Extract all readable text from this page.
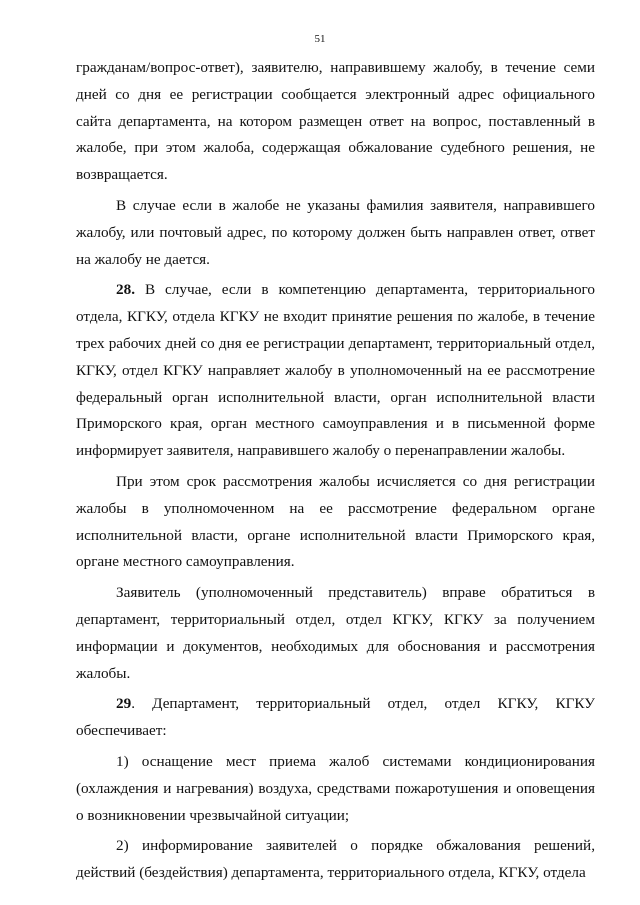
51

гражданам/вопрос-ответ), заявителю, направившему жалобу, в течение семи дней со дня ее регистрации сообщается электронный адрес официального сайта департамента, на котором размещен ответ на вопрос, поставленный в жалобе, при этом жалоба, содержащая обжалование судебного решения, не возвращается.

В случае если в жалобе не указаны фамилия заявителя, направившего жалобу, или почтовый адрес, по которому должен быть направлен ответ, ответ на жалобу не дается.

28. В случае, если в компетенцию департамента, территориального отдела, КГКУ, отдела КГКУ не входит принятие решения по жалобе, в течение трех рабочих дней со дня ее регистрации департамент, территориальный отдел, КГКУ, отдел КГКУ направляет жалобу в уполномоченный на ее рассмотрение федеральный орган исполнительной власти, орган исполнительной власти Приморского края, орган местного самоуправления и в письменной форме информирует заявителя, направившего жалобу о перенаправлении жалобы.

При этом срок рассмотрения жалобы исчисляется со дня регистрации жалобы в уполномоченном на ее рассмотрение федеральном органе исполнительной власти, органе исполнительной власти Приморского края, органе местного самоуправления.

Заявитель (уполномоченный представитель) вправе обратиться в департамент, территориальный отдел, отдел КГКУ, КГКУ за получением информации и документов, необходимых для обоснования и рассмотрения жалобы.

29. Департамент, территориальный отдел, отдел КГКУ, КГКУ обеспечивает:

1) оснащение мест приема жалоб системами кондиционирования (охлаждения и нагревания) воздуха, средствами пожаротушения и оповещения о возникновении чрезвычайной ситуации;

2) информирование заявителей о порядке обжалования решений, действий (бездействия) департамента, территориального отдела, КГКУ, отдела
